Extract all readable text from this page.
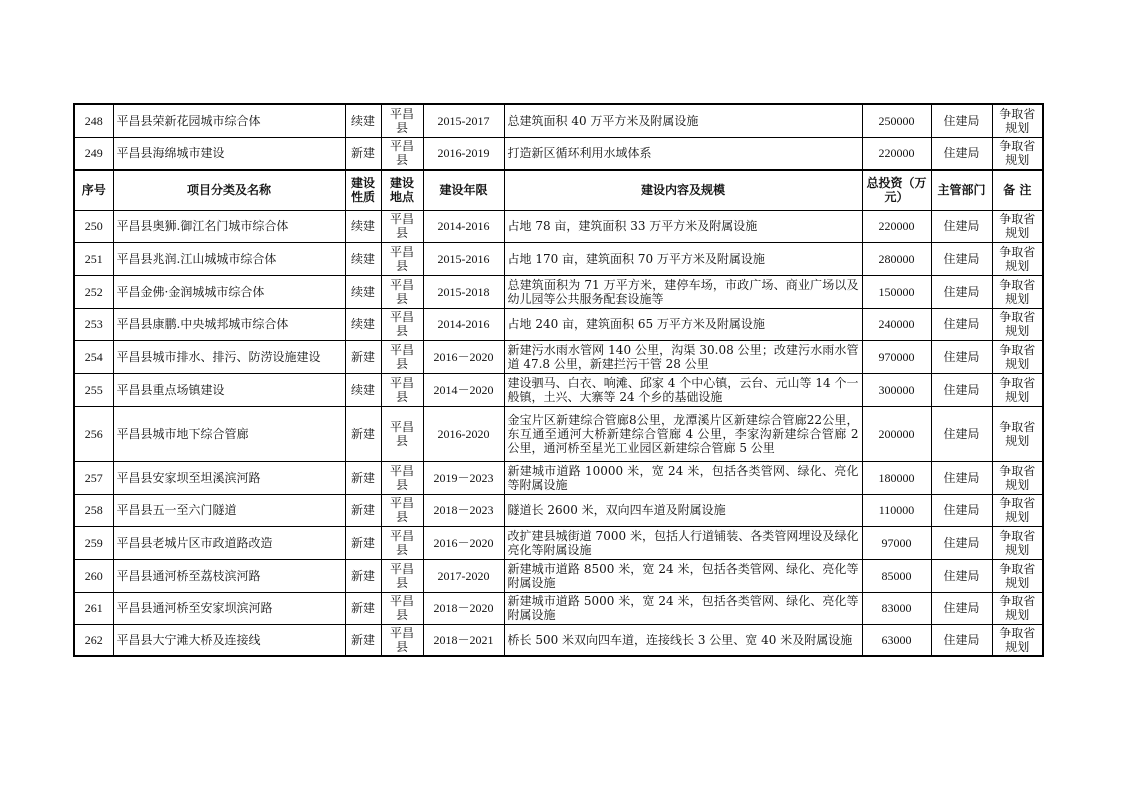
248	平昌县荣新花园城市综合体	续建	平昌县	2015-2017	总建筑面积 40 万平方米及附属设施	250000	住建局	争取省规划
249	平昌县海绵城市建设	新建	平昌县	2016-2019	打造新区循环利用水域体系	220000	住建局	争取省规划
序号	项目分类及名称	建设性质	建设地点	建设年限	建设内容及规模	总投资（万元）	主管部门	备 注
250	平昌县奥狮.御江名门城市综合体	续建	平昌县	2014-2016	占地 78 亩，建筑面积 33 万平方米及附属设施	220000	住建局	争取省规划
251	平昌县兆润.江山城城市综合体	续建	平昌县	2015-2016	占地 170 亩，建筑面积 70 万平方米及附属设施	280000	住建局	争取省规划
252	平昌金佛·金润城城市综合体	续建	平昌县	2015-2018	总建筑面积为 71 万平方米，建停车场，市政广场、商业广场以及幼儿园等公共服务配套设施等	150000	住建局	争取省规划
253	平昌县康鹏.中央城邦城市综合体	续建	平昌县	2014-2016	占地 240 亩，建筑面积 65 万平方米及附属设施	240000	住建局	争取省规划
254	平昌县城市排水、排污、防涝设施建设	新建	平昌县	2016－2020	新建污水雨水管网 140 公里，沟渠 30.08 公里；改建污水雨水管道 47.8 公里，新建拦污干管 28 公里	970000	住建局	争取省规划
255	平昌县重点场镇建设	续建	平昌县	2014－2020	建设驷马、白衣、响滩、邱家 4 个中心镇，云台、元山等 14 个一般镇，土兴、大寨等 24 个乡的基础设施	300000	住建局	争取省规划
256	平昌县城市地下综合管廊	新建	平昌县	2016-2020	金宝片区新建综合管廊8公里，龙潭溪片区新建综合管廊22公里，东互通至通河大桥新建综合管廊 4 公里，李家沟新建综合管廊 2 公里，通河桥至星光工业园区新建综合管廊 5 公里	200000	住建局	争取省规划
257	平昌县安家坝至坦溪滨河路	新建	平昌县	2019－2023	新建城市道路 10000 米，宽 24 米，包括各类管网、绿化、亮化等附属设施	180000	住建局	争取省规划
258	平昌县五一至六门隧道	新建	平昌县	2018－2023	隧道长 2600 米，双向四车道及附属设施	110000	住建局	争取省规划
259	平昌县老城片区市政道路改造	新建	平昌县	2016－2020	改扩建县城街道 7000 米，包括人行道铺装、各类管网埋设及绿化亮化等附属设施	97000	住建局	争取省规划
260	平昌县通河桥至荔枝滨河路	新建	平昌县	2017-2020	新建城市道路 8500 米，宽 24 米，包括各类管网、绿化、亮化等附属设施	85000	住建局	争取省规划
261	平昌县通河桥至安家坝滨河路	新建	平昌县	2018－2020	新建城市道路 5000 米，宽 24 米，包括各类管网、绿化、亮化等附属设施	83000	住建局	争取省规划
262	平昌县大宁滩大桥及连接线	新建	平昌县	2018－2021	桥长 500 米双向四车道，连接线长 3 公里、宽 40 米及附属设施	63000	住建局	争取省规划
